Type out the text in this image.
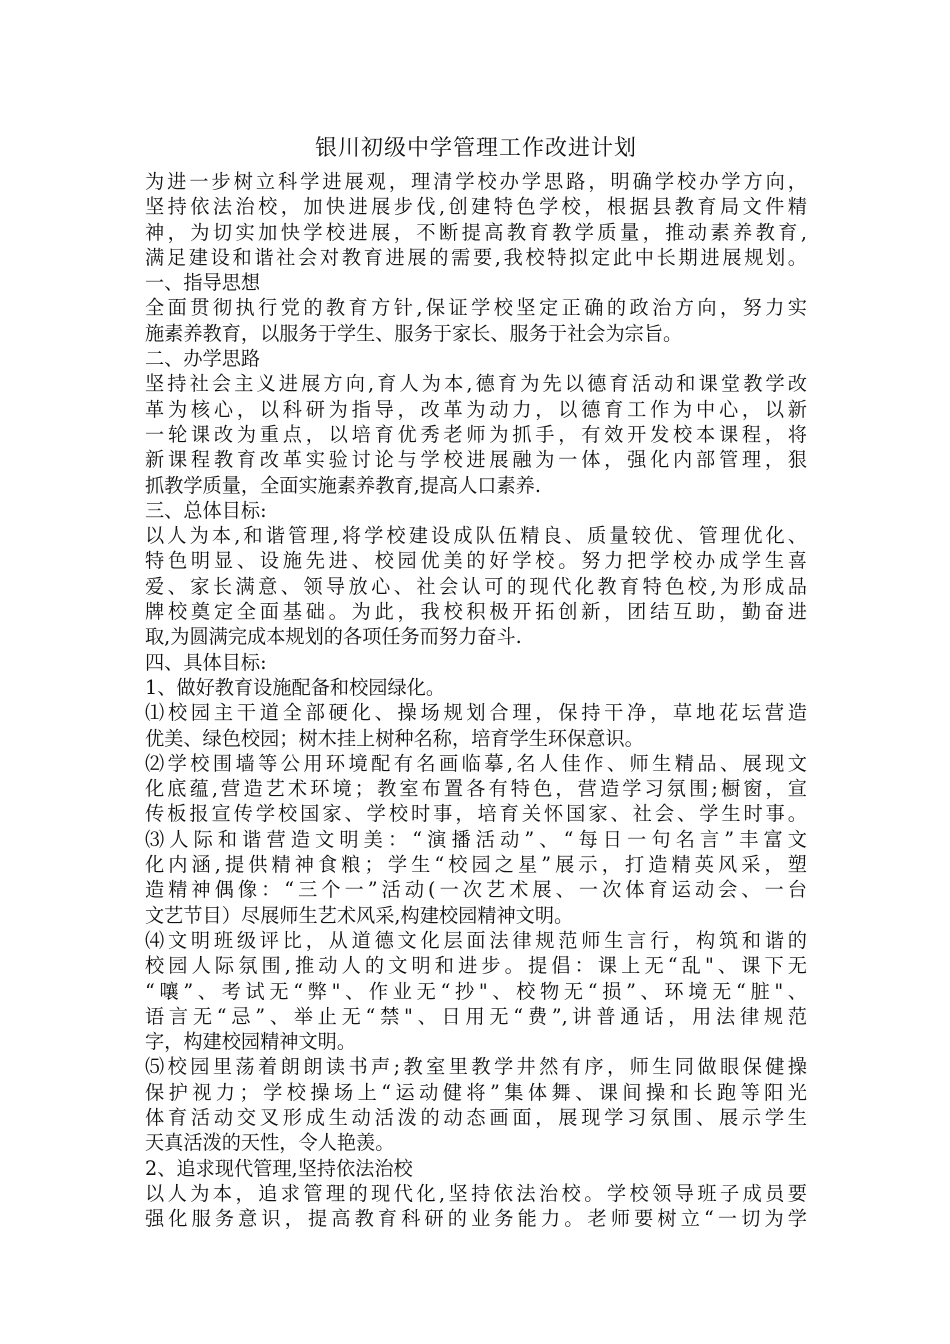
银川初级中学管理工作改进计划
为进一步树立科学进展观，理清学校办学思路，明确学校办学方向，
坚持依法治校，加快进展步伐,创建特色学校，根据县教育局文件精
神，为切实加快学校进展，不断提高教育教学质量，推动素养教育,
满足建设和谐社会对教育进展的需要,我校特拟定此中长期进展规划。
一、指导思想
全面贯彻执行党的教育方针,保证学校坚定正确的政治方向，努力实
施素养教育，以服务于学生、服务于家长、服务于社会为宗旨。
二、办学思路
坚持社会主义进展方向,育人为本,德育为先以德育活动和课堂教学改
革为核心，以科研为指导，改革为动力，以德育工作为中心，以新
一轮课改为重点，以培育优秀老师为抓手，有效开发校本课程，将
新课程教育改革实验讨论与学校进展融为一体，强化内部管理，狠
抓教学质量，全面实施素养教育,提高人口素养.
三、总体目标:
以人为本,和谐管理,将学校建设成队伍精良、质量较优、管理优化、
特色明显、设施先进、校园优美的好学校。努力把学校办成学生喜
爱、家长满意、领导放心、社会认可的现代化教育特色校,为形成品
牌校奠定全面基础。为此，我校积极开拓创新，团结互助，勤奋进
取,为圆满完成本规划的各项任务而努力奋斗.
四、具体目标:
1、做好教育设施配备和校园绿化。
⑴校园主干道全部硬化、操场规划合理，保持干净，草地花坛营造
优美、绿色校园；树木挂上树种名称，培育学生环保意识。
⑵学校围墙等公用环境配有名画临摹,名人佳作、师生精品、展现文
化底蕴,营造艺术环境；教室布置各有特色，营造学习氛围;橱窗，宣
传板报宣传学校国家、学校时事，培育关怀国家、社会、学生时事。
⑶人际和谐营造文明美：“演播活动”、“每日一句名言”丰富文
化内涵,提供精神食粮；学生“校园之星”展示，打造精英风采，塑
造精神偶像：“三个一”活动(一次艺术展、一次体育运动会、一台
文艺节目）尽展师生艺术风采,构建校园精神文明。
⑷文明班级评比，从道德文化层面法律规范师生言行，构筑和谐的
校园人际氛围,推动人的文明和进步。提倡：课上无“乱"、课下无
“嚷”、考试无“弊"、作业无“抄"、校物无“损”、环境无“脏"、
语言无“忌”、举止无“禁"、日用无“费”,讲普通话，用法律规范
字，构建校园精神文明。
⑸校园里荡着朗朗读书声;教室里教学井然有序，师生同做眼保健操
保护视力；学校操场上“运动健将”集体舞、课间操和长跑等阳光
体育活动交叉形成生动活泼的动态画面，展现学习氛围、展示学生
天真活泼的天性，令人艳羡。
2、追求现代管理,坚持依法治校
以人为本，追求管理的现代化,坚持依法治校。学校领导班子成员要
强化服务意识，提高教育科研的业务能力。老师要树立“一切为学
